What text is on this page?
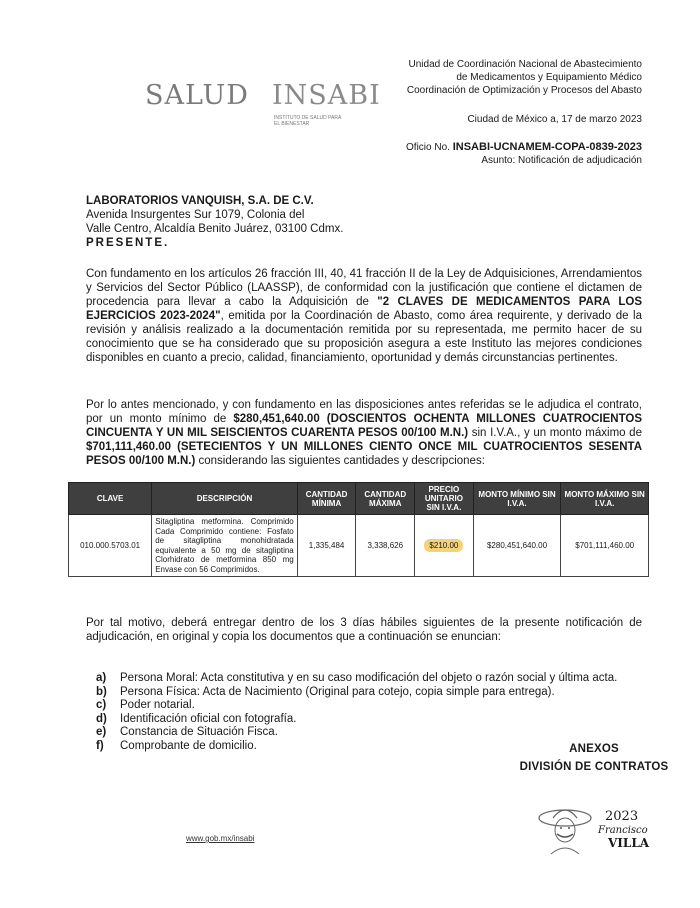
SALUD INSABI
INSTITUTO DE SALUD PARA EL BIENESTAR
Unidad de Coordinación Nacional de Abastecimiento
de Medicamentos y Equipamiento Médico
Coordinación de Optimización y Procesos del Abasto
Ciudad de México a, 17 de marzo 2023
Oficio No. INSABI-UCNAMEM-COPA-0839-2023
Asunto: Notificación de adjudicación
LABORATORIOS VANQUISH, S.A. DE C.V.
Avenida Insurgentes Sur 1079, Colonia del
Valle Centro, Alcaldía Benito Juárez, 03100 Cdmx.
PRESENTE.
Con fundamento en los artículos 26 fracción III, 40, 41 fracción II de la Ley de Adquisiciones, Arrendamientos y Servicios del Sector Público (LAASSP), de conformidad con la justificación que contiene el dictamen de procedencia para llevar a cabo la Adquisición de "2 CLAVES DE MEDICAMENTOS PARA LOS EJERCICIOS 2023-2024", emitida por la Coordinación de Abasto, como área requirente, y derivado de la revisión y análisis realizado a la documentación remitida por su representada, me permito hacer de su conocimiento que se ha considerado que su proposición asegura a este Instituto las mejores condiciones disponibles en cuanto a precio, calidad, financiamiento, oportunidad y demás circunstancias pertinentes.
Por lo antes mencionado, y con fundamento en las disposiciones antes referidas se le adjudica el contrato, por un monto mínimo de $280,451,640.00 (DOSCIENTOS OCHENTA MILLONES CUATROCIENTOS CINCUENTA Y UN MIL SEISCIENTOS CUARENTA PESOS 00/100 M.N.) sin I.V.A., y un monto máximo de $701,111,460.00 (SETECIENTOS Y UN MILLONES CIENTO ONCE MIL CUATROCIENTOS SESENTA PESOS 00/100 M.N.) considerando las siguientes cantidades y descripciones:
CLAVE	DESCRIPCIÓN	CANTIDAD MÍNIMA	CANTIDAD MÁXIMA	PRECIO UNITARIO SIN I.V.A.	MONTO MÍNIMO SIN I.V.A.	MONTO MÁXIMO SIN I.V.A.
010.000.5703.01	Sitagliptina metformina. Comprimido Cada Comprimido contiene: Fosfato de sitagliptina monohidratada equivalente a 50 mg de sitagliptina Clorhidrato de metformina 850 mg Envase con 56 Comprimidos.	1,335,484	3,338,626	$210.00	$280,451,640.00	$701,111,460.00
Por tal motivo, deberá entregar dentro de los 3 días hábiles siguientes de la presente notificación de adjudicación, en original y copia los documentos que a continuación se enuncian:
a)	Persona Moral: Acta constitutiva y en su caso modificación del objeto o razón social y última acta.
b)	Persona Física: Acta de Nacimiento (Original para cotejo, copia simple para entrega).
c)	Poder notarial.
d)	Identificación oficial con fotografía.
e)	Constancia de Situación Fisca.
f)	Comprobante de domicilio.	ANEXOS
DIVISIÓN DE CONTRATOS
www.gob.mx/insabi
2023
Francisco
VILLA
